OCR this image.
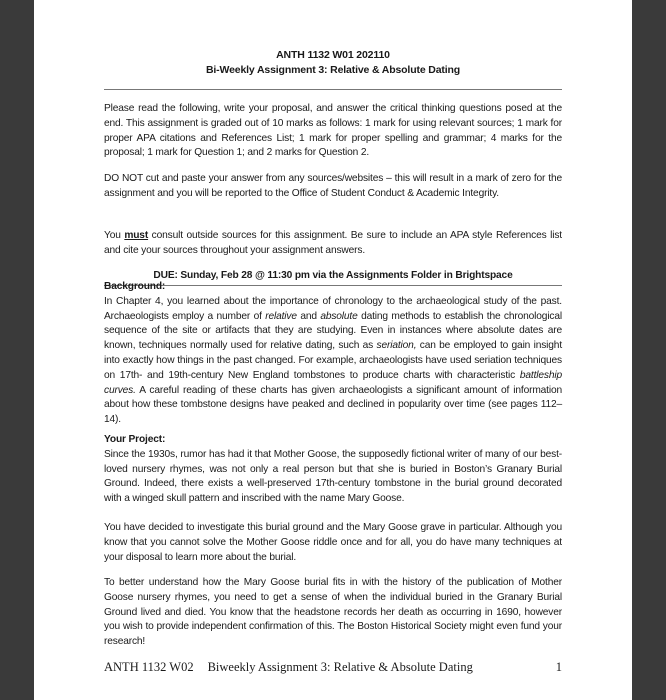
ANTH 1132 W01 202110
Bi-Weekly Assignment 3: Relative & Absolute Dating

Please read the following, write your proposal, and answer the critical thinking questions posed at the end. This assignment is graded out of 10 marks as follows: 1 mark for using relevant sources; 1 mark for proper APA citations and References List; 1 mark for proper spelling and grammar; 4 marks for the proposal; 1 mark for Question 1; and 2 marks for Question 2.

DO NOT cut and paste your answer from any sources/websites – this will result in a mark of zero for the assignment and you will be reported to the Office of Student Conduct & Academic Integrity.

You must consult outside sources for this assignment. Be sure to include an APA style References list and cite your sources throughout your assignment answers.

DUE: Sunday, Feb 28 @ 11:30 pm via the Assignments Folder in Brightspace
Background:

In Chapter 4, you learned about the importance of chronology to the archaeological study of the past. Archaeologists employ a number of relative and absolute dating methods to establish the chronological sequence of the site or artifacts that they are studying. Even in instances where absolute dates are known, techniques normally used for relative dating, such as seriation, can be employed to gain insight into exactly how things in the past changed. For example, archaeologists have used seriation techniques on 17th- and 19th-century New England tombstones to produce charts with characteristic battleship curves. A careful reading of these charts has given archaeologists a significant amount of information about how these tombstone designs have peaked and declined in popularity over time (see pages 112–14).

Your Project:

Since the 1930s, rumor has had it that Mother Goose, the supposedly fictional writer of many of our best-loved nursery rhymes, was not only a real person but that she is buried in Boston’s Granary Burial Ground. Indeed, there exists a well-preserved 17th-century tombstone in the burial ground decorated with a winged skull pattern and inscribed with the name Mary Goose.

You have decided to investigate this burial ground and the Mary Goose grave in particular. Although you know that you cannot solve the Mother Goose riddle once and for all, you do have many techniques at your disposal to learn more about the burial.

To better understand how the Mary Goose burial fits in with the history of the publication of Mother Goose nursery rhymes, you need to get a sense of when the individual buried in the Granary Burial Ground lived and died. You know that the headstone records her death as occurring in 1690, however you wish to provide independent confirmation of this. The Boston Historical Society might even fund your research!

ANTH 1132 W02 Biweekly Assignment 3: Relative & Absolute Dating	1
